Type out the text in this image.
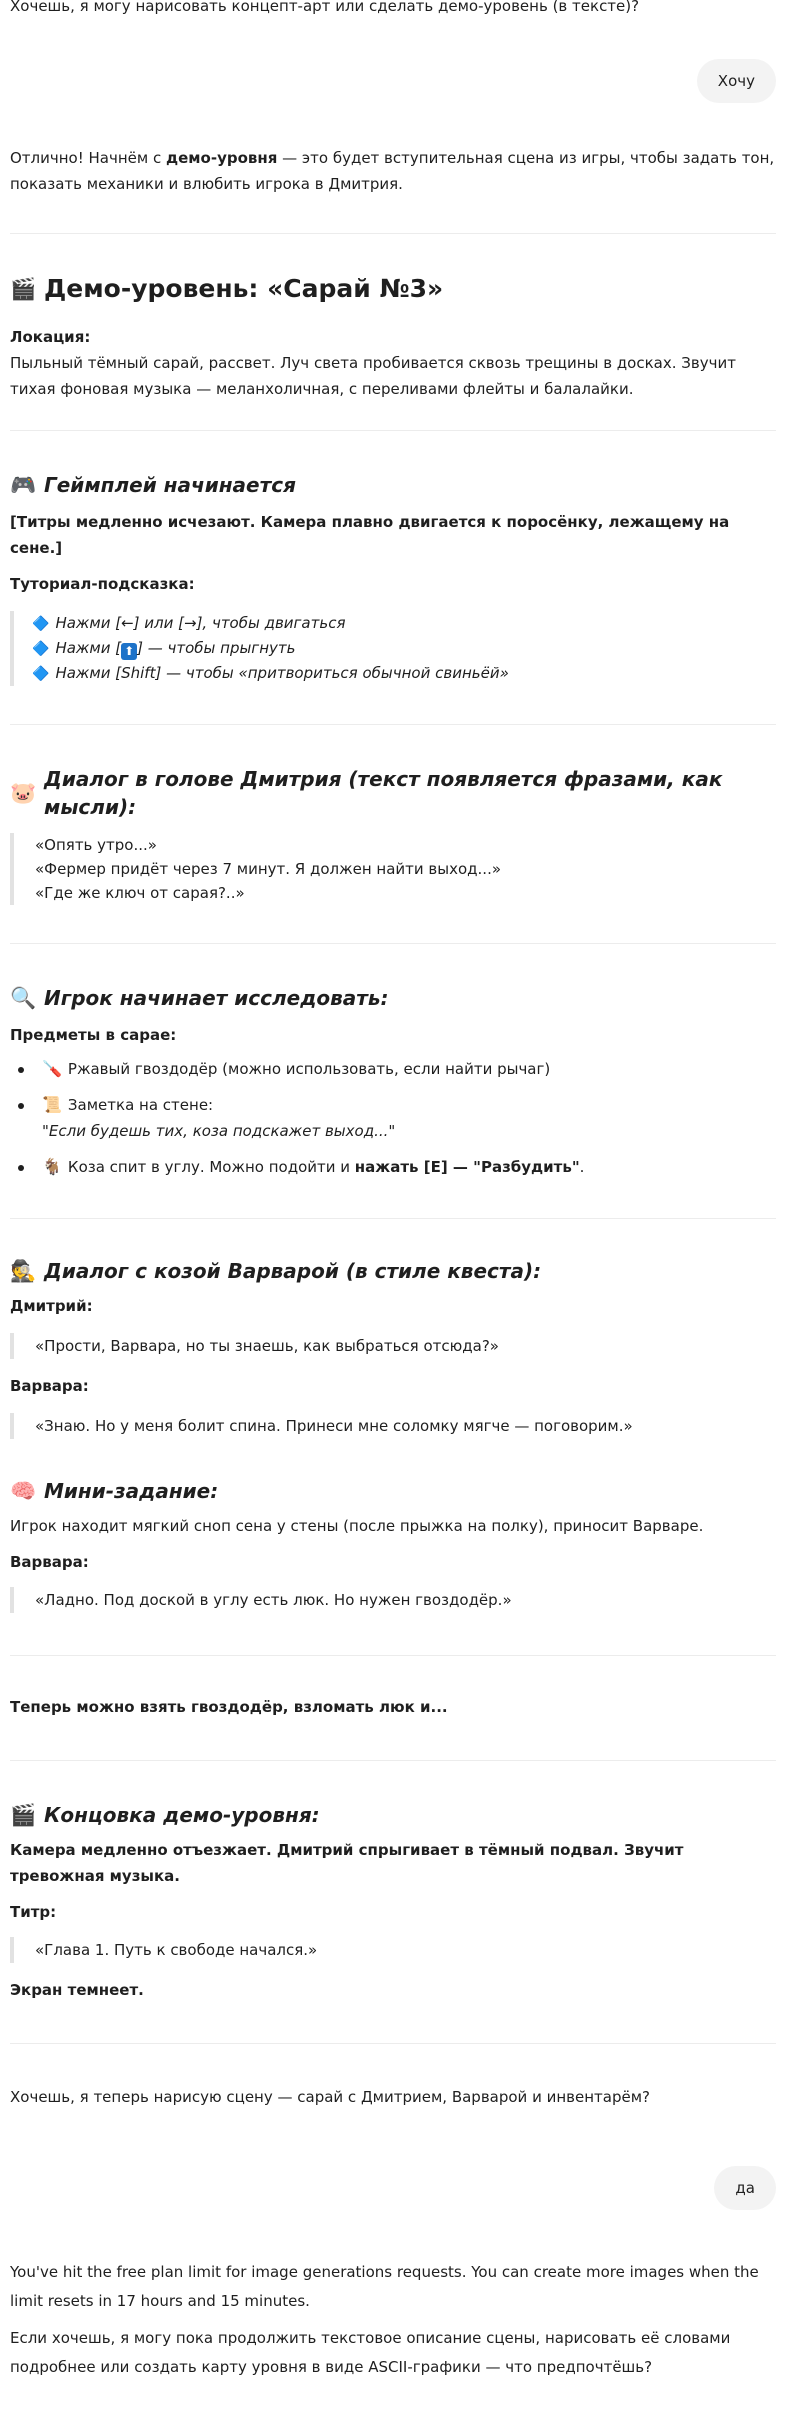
Хочешь, я могу нарисовать концепт-арт или сделать демо-уровень (в тексте)?

Хочу

Отлично! Начнём с демо-уровня — это будет вступительная сцена из игры, чтобы задать тон, показать механики и влюбить игрока в Дмитрия.

🎬 Демо-уровень: «Сарай №3»

Локация:

Пыльный тёмный сарай, рассвет. Луч света пробивается сквозь трещины в досках. Звучит тихая фоновая музыка — меланхоличная, с переливами флейты и балалайки.

🎮 Геймплей начинается

[Титры медленно исчезают. Камера плавно двигается к поросёнку, лежащему на сене.]

Туториал-подсказка:

🔷 Нажми [←] или [→], чтобы двигаться
🔷 Нажми [ ⬆ ] — чтобы прыгнуть
🔷 Нажми [Shift] — чтобы «притвориться обычной свиньёй»
🐷
Диалог в голове Дмитрия (текст появляется фразами, как мысли):
«Опять утро...»
«Фермер придёт через 7 минут. Я должен найти выход...»
«Где же ключ от сарая?..»
🔍 Игрок начинает исследовать:

Предметы в сарае:

🪛 Ржавый гвоздодёр (можно использовать, если найти рычаг)
📜 Заметка на стене:
"Если будешь тих, коза подскажет выход..."
🐐 Коза спит в углу. Можно подойти и нажать [E] — "Разбудить".
🕵 Диалог с козой Варварой (в стиле квеста):

Дмитрий:

«Прости, Варвара, но ты знаешь, как выбраться отсюда?»

Варвара:

«Знаю. Но у меня болит спина. Принеси мне соломку мягче — поговорим.»
🧠 Мини-задание:

Игрок находит мягкий сноп сена у стены (после прыжка на полку), приносит Варваре.

Варвара:

«Ладно. Под доской в углу есть люк. Но нужен гвоздодёр.»

Теперь можно взять гвоздодёр, взломать люк и...

🎬 Концовка демо-уровня:

Камера медленно отъезжает. Дмитрий спрыгивает в тёмный подвал. Звучит тревожная музыка.

Титр:

«Глава 1. Путь к свободе начался.»

Экран темнеет.

Хочешь, я теперь нарисую сцену — сарай с Дмитрием, Варварой и инвентарём?

да

You've hit the free plan limit for image generations requests. You can create more images when the limit resets in 17 hours and 15 minutes.

Если хочешь, я могу пока продолжить текстовое описание сцены, нарисовать её словами подробнее или создать карту уровня в виде ASCII-графики — что предпочтёшь?
